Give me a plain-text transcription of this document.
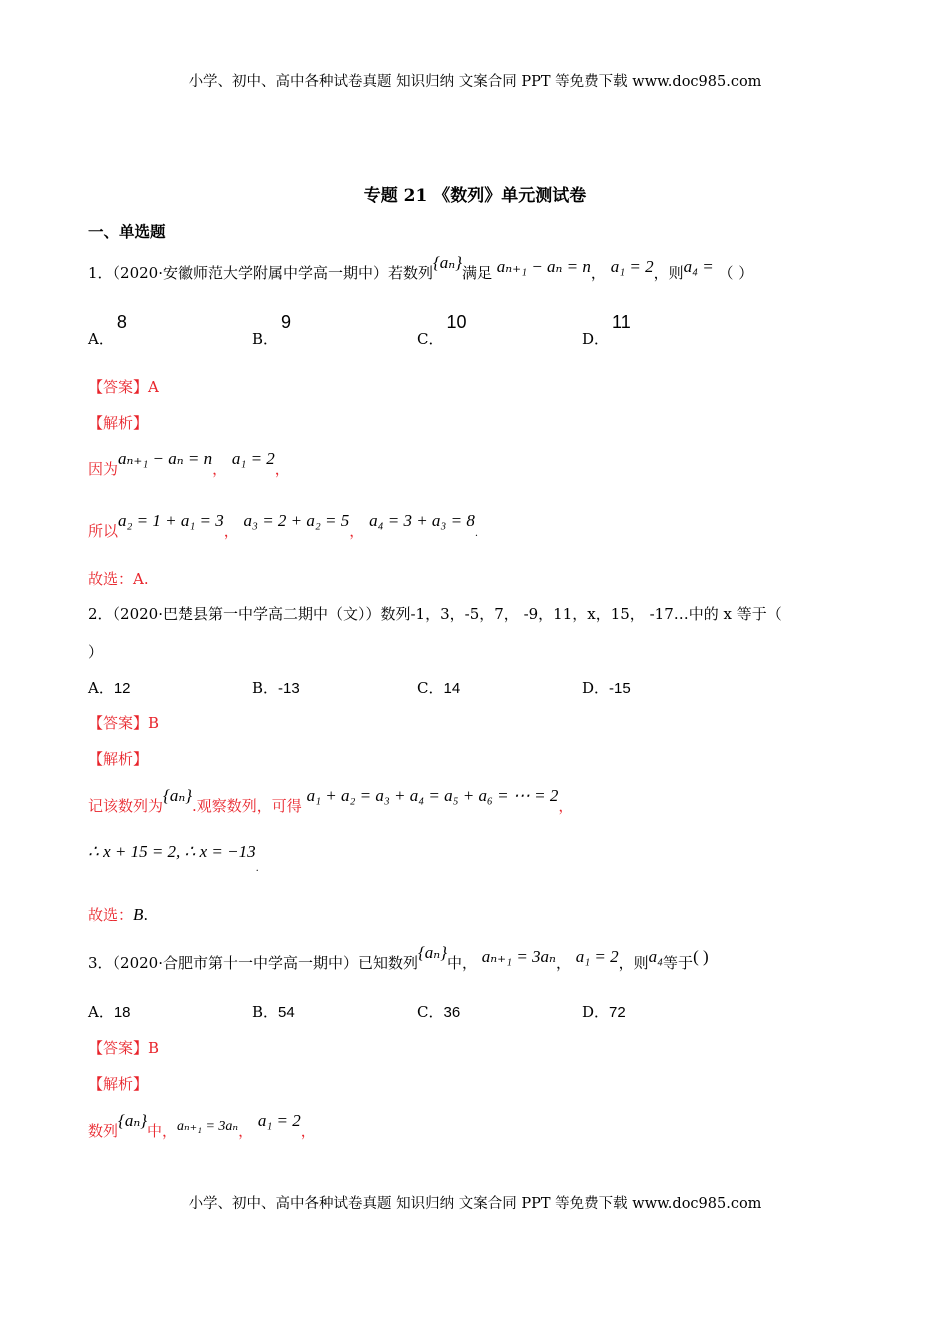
小学、初中、高中各种试卷真题 知识归纳 文案合同 PPT 等免费下载 www.doc985.com
专题 21 《数列》单元测试卷
一、单选题
1．（2020·安徽师范大学附属中学高一期中）若数列{aₙ}满足 aₙ₊₁ − aₙ = n， a₁ = 2，则a₄ = （ ）
A．8
B．9
C．10
D．11
【答案】A
【解析】
因为aₙ₊₁ − aₙ = n， a₁ = 2，
所以a₂ = 1 + a₁ = 3， a₃ = 2 + a₂ = 5， a₄ = 3 + a₃ = 8.
故选：A.
2．（2020·巴楚县第一中学高二期中（文））数列-1，3，-5，7， -9，11，x，15， -17…中的 x 等于（
）
A．12	B．-13	C．14	D．-15
【答案】B
【解析】
记该数列为{aₙ}.观察数列，可得 a₁ + a₂ = a₃ + a₄ = a₅ + a₆ = ⋯ = 2，
∴ x + 15 = 2, ∴ $x = -13_.$
故选：B.
3．（2020·合肥市第十一中学高一期中）已知数列{aₙ}中， aₙ₊₁ = 3aₙ， a₁ = 2，则a₄等于( )
A．18	B．54	C．36	D．72
【答案】B
【解析】
数列{aₙ}中，aₙ₊₁ = 3aₙ， a₁ = 2，
小学、初中、高中各种试卷真题 知识归纳 文案合同 PPT 等免费下载 www.doc985.com
